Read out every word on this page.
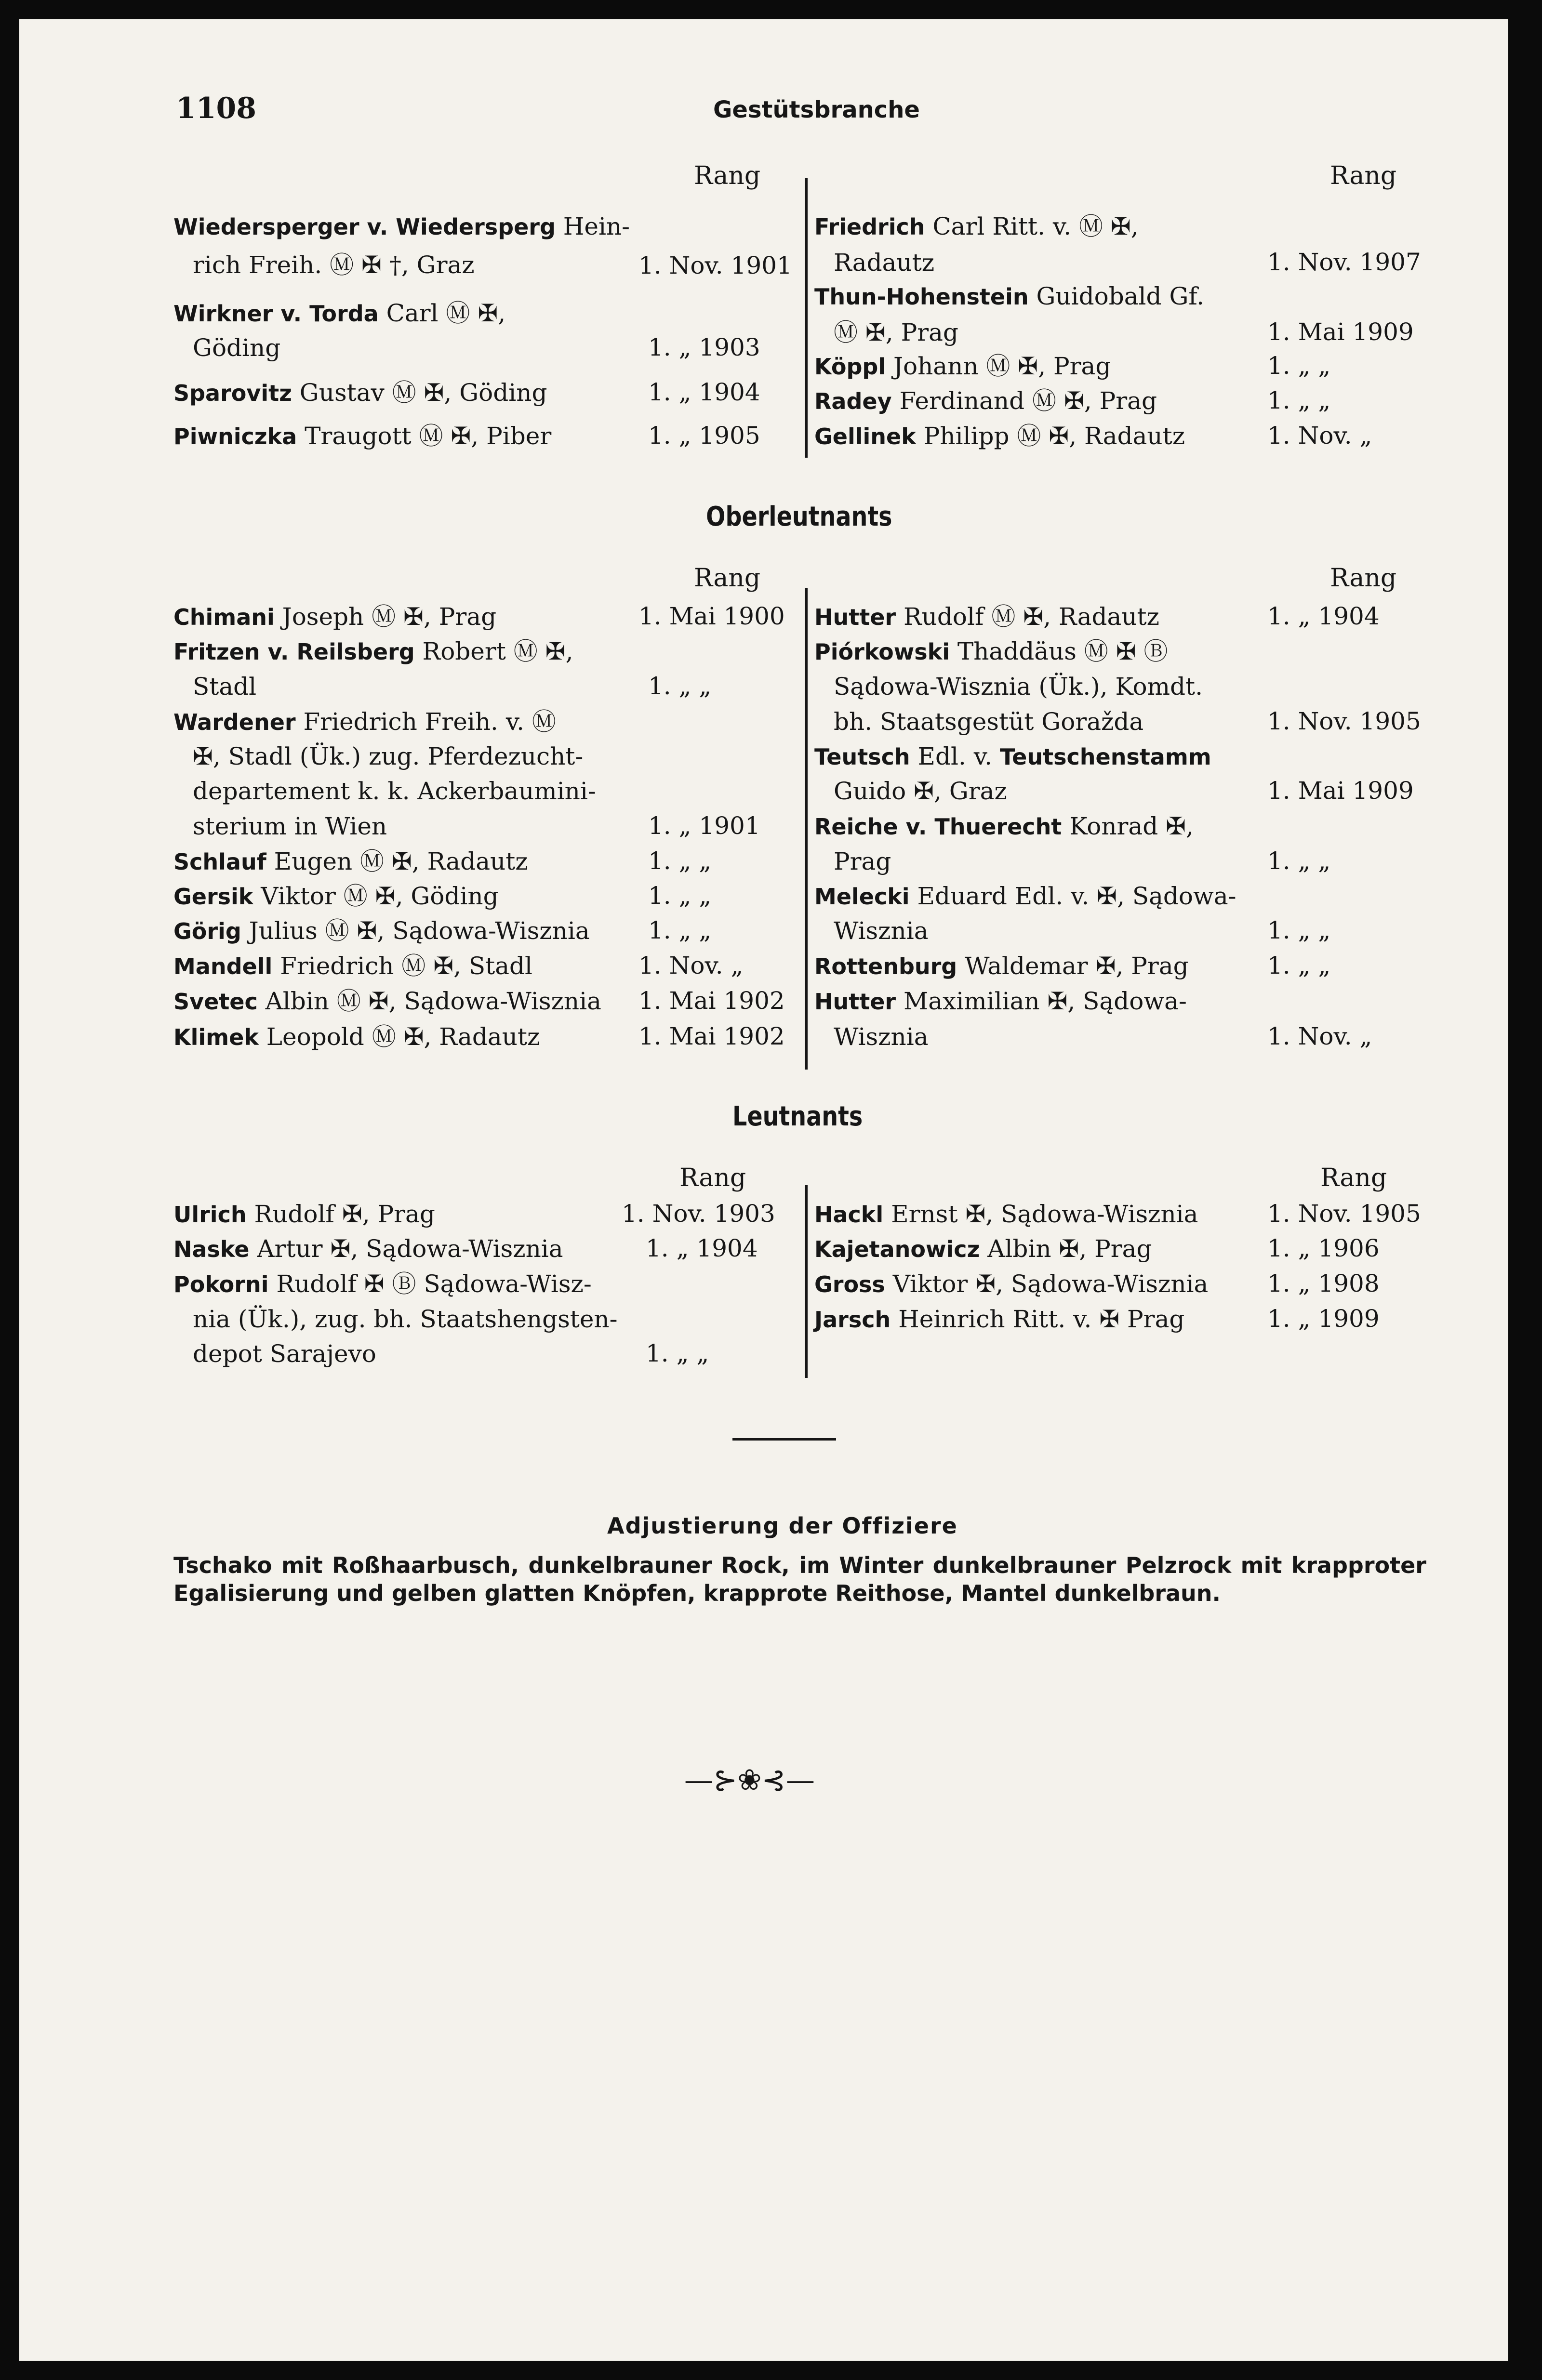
1108	Gestütsbranche
Rang	Rang
Wiedersperger v. Wiedersperg Hein-
rich Freih. Ⓜ ✠ †, Graz	1. Nov. 1901
Wirkner v. Torda Carl Ⓜ ✠,
Göding	1. „ 1903
Sparovitz Gustav Ⓜ ✠, Göding	1. „ 1904
Piwniczka Traugott Ⓜ ✠, Piber	1. „ 1905
Friedrich Carl Ritt. v. Ⓜ ✠,
Radautz	1. Nov. 1907
Thun-Hohenstein Guidobald Gf.
Ⓜ ✠, Prag	1. Mai 1909
Köppl Johann Ⓜ ✠, Prag	1. „ „
Radey Ferdinand Ⓜ ✠, Prag	1. „ „
Gellinek Philipp Ⓜ ✠, Radautz	1. Nov. „
Oberleutnants
Rang	Rang
Chimani Joseph Ⓜ ✠, Prag	1. Mai 1900
Fritzen v. Reilsberg Robert Ⓜ ✠,
Stadl	1. „ „
Wardener Friedrich Freih. v. Ⓜ
✠, Stadl (Ük.) zug. Pferdezucht-
departement k. k. Ackerbaumini-
sterium in Wien	1. „ 1901
Schlauf Eugen Ⓜ ✠, Radautz	1. „ „
Gersik Viktor Ⓜ ✠, Göding	1. „ „
Görig Julius Ⓜ ✠, Sądowa-Wisznia 1. „ „
Mandell Friedrich Ⓜ ✠, Stadl	1. Nov. „
Svetec Albin Ⓜ ✠, Sądowa-Wisznia 1. Mai 1902
Klimek Leopold Ⓜ ✠, Radautz	1. Mai 1902
Hutter Rudolf Ⓜ ✠, Radautz	1. „ 1904
Piórkowski Thaddäus Ⓜ ✠ Ⓑ
Sądowa-Wisznia (Ük.), Komdt.
bh. Staatsgestüt Goražda	1. Nov. 1905
Teutsch Edl. v. Teutschenstamm
Guido ✠, Graz	1. Mai 1909
Reiche v. Thuerecht Konrad ✠,
Prag	1. „ „
Melecki Eduard Edl. v. ✠, Sądowa-
Wisznia	1. „ „
Rottenburg Waldemar ✠, Prag	1. „ „
Hutter Maximilian ✠, Sądowa-
Wisznia	1. Nov. „
Leutnants
Rang	Rang
Ulrich Rudolf ✠, Prag	1. Nov. 1903
Naske Artur ✠, Sądowa-Wisznia	1. „ 1904
Pokorni Rudolf ✠ Ⓑ Sądowa-Wisz-
nia (Ük.), zug. bh. Staatshengsten-
depot Sarajevo	1. „ „
Hackl Ernst ✠, Sądowa-Wisznia	1. Nov. 1905
Kajetanowicz Albin ✠, Prag	1. „ 1906
Gross Viktor ✠, Sądowa-Wisznia 1. „ 1908
Jarsch Heinrich Ritt. v. ✠ Prag	1. „ 1909
Adjustierung der Offiziere
Tschako mit Roßhaarbusch, dunkelbrauner Rock, im Winter dunkelbrauner Pelzrock mit krapproter Egalisierung und gelben glatten Knöpfen, krapprote Reithose, Mantel dunkelbraun.
—⊱❀⊰—
